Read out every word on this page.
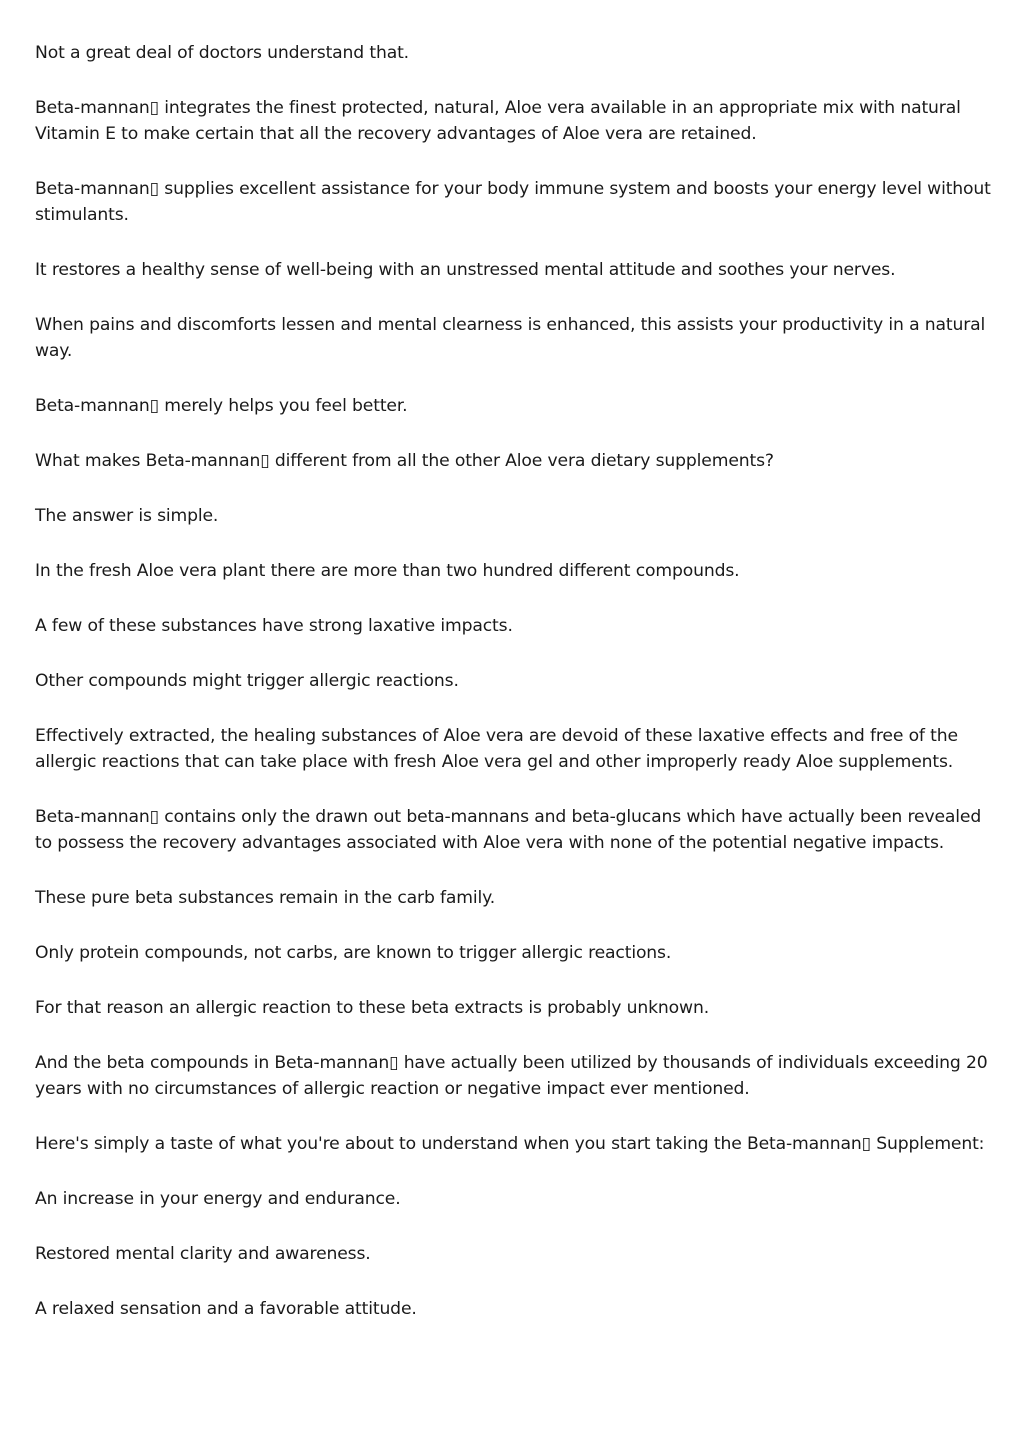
Not a great deal of doctors understand that.

Beta-mannan▯ integrates the finest protected, natural, Aloe vera available in an appropriate mix with natural Vitamin E to make certain that all the recovery advantages of Aloe vera are retained.

Beta-mannan▯ supplies excellent assistance for your body immune system and boosts your energy level without stimulants.

It restores a healthy sense of well-being with an unstressed mental attitude and soothes your nerves.

When pains and discomforts lessen and mental clearness is enhanced, this assists your productivity in a natural way.

Beta-mannan▯ merely helps you feel better.

What makes Beta-mannan▯ different from all the other Aloe vera dietary supplements?

The answer is simple.

In the fresh Aloe vera plant there are more than two hundred different compounds.

A few of these substances have strong laxative impacts.

Other compounds might trigger allergic reactions.

Effectively extracted, the healing substances of Aloe vera are devoid of these laxative effects and free of the allergic reactions that can take place with fresh Aloe vera gel and other improperly ready Aloe supplements.

Beta-mannan▯ contains only the drawn out beta-mannans and beta-glucans which have actually been revealed to possess the recovery advantages associated with Aloe vera with none of the potential negative impacts.

These pure beta substances remain in the carb family.

Only protein compounds, not carbs, are known to trigger allergic reactions.

For that reason an allergic reaction to these beta extracts is probably unknown.

And the beta compounds in Beta-mannan▯ have actually been utilized by thousands of individuals exceeding 20 years with no circumstances of allergic reaction or negative impact ever mentioned.

Here's simply a taste of what you're about to understand when you start taking the Beta-mannan▯ Supplement:

An increase in your energy and endurance.

Restored mental clarity and awareness.

A relaxed sensation and a favorable attitude.
